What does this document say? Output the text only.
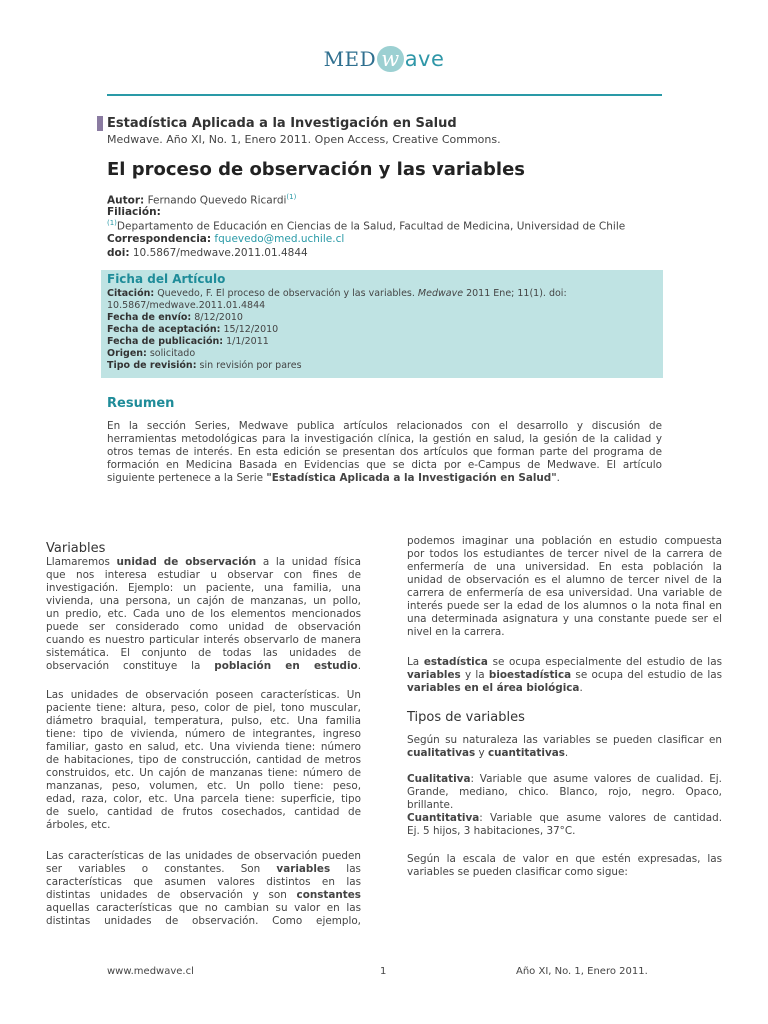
MED w ave
Estadística Aplicada a la Investigación en Salud
Medwave. Año XI, No. 1, Enero 2011. Open Access, Creative Commons.
El proceso de observación y las variables
Autor: Fernando Quevedo Ricardi$^{(1)}$
Filiación:
$^{(1)}$Departamento de Educación en Ciencias de la Salud, Facultad de Medicina, Universidad de Chile
Correspondencia: fquevedo@med.uchile.cl
doi: 10.5867/medwave.2011.01.4844
Ficha del Artículo
Citación: Quevedo, F. El proceso de observación y las variables. Medwave 2011 Ene; 11(1). doi:
10.5867/medwave.2011.01.4844
Fecha de envío: 8/12/2010
Fecha de aceptación: 15/12/2010
Fecha de publicación: 1/1/2011
Origen: solicitado
Tipo de revisión: sin revisión por pares
Resumen
En la sección Series, Medwave publica artículos relacionados con el desarrollo y discusión de
herramientas metodológicas para la investigación clínica, la gestión en salud, la gesión de la calidad y
otros temas de interés. En esta edición se presentan dos artículos que forman parte del programa de
formación en Medicina Basada en Evidencias que se dicta por e-Campus de Medwave. El artículo
siguiente pertenece a la Serie "Estadística Aplicada a la Investigación en Salud".
Variables
Llamaremos unidad de observación a la unidad física
que nos interesa estudiar u observar con fines de
investigación. Ejemplo: un paciente, una familia, una
vivienda, una persona, un cajón de manzanas, un pollo,
un predio, etc. Cada uno de los elementos mencionados
puede ser considerado como unidad de observación
cuando es nuestro particular interés observarlo de manera
sistemática. El conjunto de todas las unidades de
observación constituye la población en estudio.
Las unidades de observación poseen características. Un
paciente tiene: altura, peso, color de piel, tono muscular,
diámetro braquial, temperatura, pulso, etc. Una familia
tiene: tipo de vivienda, número de integrantes, ingreso
familiar, gasto en salud, etc. Una vivienda tiene: número
de habitaciones, tipo de construcción, cantidad de metros
construidos, etc. Un cajón de manzanas tiene: número de
manzanas, peso, volumen, etc. Un pollo tiene: peso,
edad, raza, color, etc. Una parcela tiene: superficie, tipo
de suelo, cantidad de frutos cosechados, cantidad de
árboles, etc.
Las características de las unidades de observación pueden
ser variables o constantes. Son variables las
características que asumen valores distintos en las
distintas unidades de observación y son constantes
aquellas características que no cambian su valor en las
distintas unidades de observación. Como ejemplo,
podemos imaginar una población en estudio compuesta
por todos los estudiantes de tercer nivel de la carrera de
enfermería de una universidad. En esta población la
unidad de observación es el alumno de tercer nivel de la
carrera de enfermería de esa universidad. Una variable de
interés puede ser la edad de los alumnos o la nota final en
una determinada asignatura y una constante puede ser el
nivel en la carrera.
La estadística se ocupa especialmente del estudio de las
variables y la bioestadística se ocupa del estudio de las
variables en el área biológica.
Tipos de variables
Según su naturaleza las variables se pueden clasificar en
cualitativas y cuantitativas.
Cualitativa: Variable que asume valores de cualidad. Ej.
Grande, mediano, chico. Blanco, rojo, negro. Opaco,
brillante.
Cuantitativa: Variable que asume valores de cantidad.
Ej. 5 hijos, 3 habitaciones, 37°C.
Según la escala de valor en que estén expresadas, las
variables se pueden clasificar como sigue:
www.medwave.cl	1	Año XI, No. 1, Enero 2011.
